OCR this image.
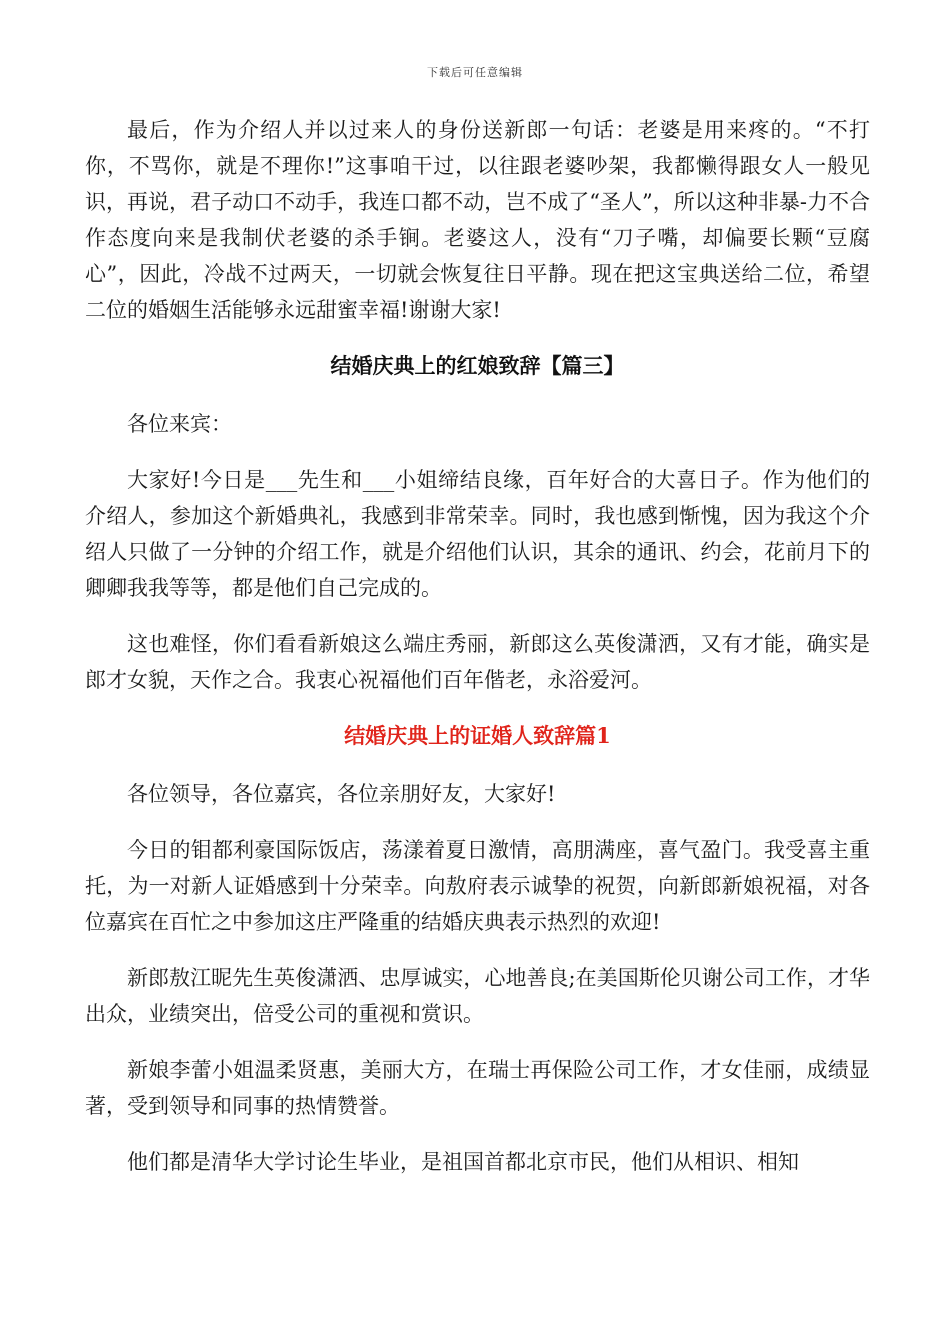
下载后可任意编辑

最后，作为介绍人并以过来人的身份送新郎一句话：老婆是用来疼的。“不打你，不骂你，就是不理你!”这事咱干过，以往跟老婆吵架，我都懒得跟女人一般见识，再说，君子动口不动手，我连口都不动，岂不成了“圣人”，所以这种非暴-力不合作态度向来是我制伏老婆的杀手锏。老婆这人，没有“刀子嘴，却偏要长颗“豆腐心”，因此，冷战不过两天，一切就会恢复往日平静。现在把这宝典送给二位，希望二位的婚姻生活能够永远甜蜜幸福!谢谢大家!

结婚庆典上的红娘致辞【篇三】

各位来宾：

大家好!今日是___先生和___小姐缔结良缘，百年好合的大喜日子。作为他们的介绍人，参加这个新婚典礼，我感到非常荣幸。同时，我也感到惭愧，因为我这个介绍人只做了一分钟的介绍工作，就是介绍他们认识，其余的通讯、约会，花前月下的卿卿我我等等，都是他们自己完成的。

这也难怪，你们看看新娘这么端庄秀丽，新郎这么英俊潇洒，又有才能，确实是郎才女貌，天作之合。我衷心祝福他们百年偕老，永浴爱河。

结婚庆典上的证婚人致辞篇1

各位领导，各位嘉宾，各位亲朋好友，大家好!

今日的钼都利豪国际饭店，荡漾着夏日激情，高朋满座，喜气盈门。我受喜主重托，为一对新人证婚感到十分荣幸。向敖府表示诚挚的祝贺，向新郎新娘祝福，对各位嘉宾在百忙之中参加这庄严隆重的结婚庆典表示热烈的欢迎!

新郎敖江昵先生英俊潇洒、忠厚诚实，心地善良;在美国斯伦贝谢公司工作，才华出众，业绩突出，倍受公司的重视和赏识。

新娘李蕾小姐温柔贤惠，美丽大方，在瑞士再保险公司工作，才女佳丽，成绩显著，受到领导和同事的热情赞誉。

他们都是清华大学讨论生毕业，是祖国首都北京市民，他们从相识、相知
